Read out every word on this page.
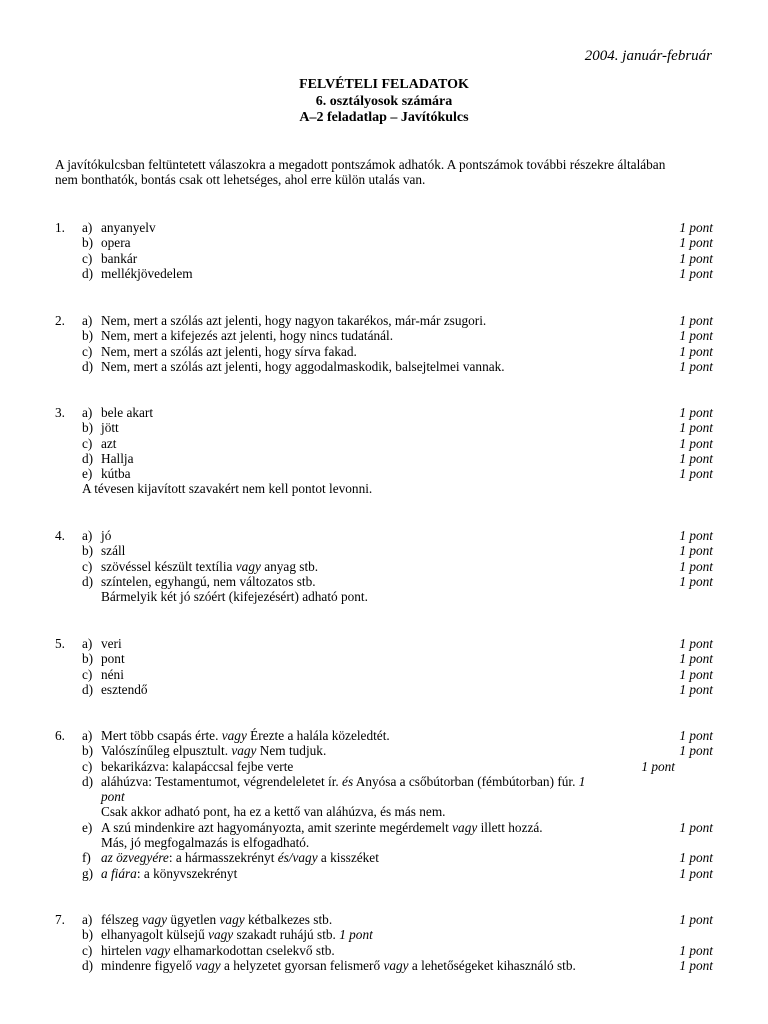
2004. január-február
FELVÉTELI FELADATOK
6. osztályosok számára
A–2 feladatlap – Javítókulcs
A javítókulcsban feltüntetett válaszokra a megadott pontszámok adhatók. A pontszámok további részekre általában
nem bonthatók, bontás csak ott lehetséges, ahol erre külön utalás van.
1. a) anyanyelv	1 pont
b) opera	1 pont
c) bankár	1 pont
d) mellékjövedelem	1 pont
2. a) Nem, mert a szólás azt jelenti, hogy nagyon takarékos, már-már zsugori.	1 pont
b) Nem, mert a kifejezés azt jelenti, hogy nincs tudatánál.	1 pont
c) Nem, mert a szólás azt jelenti, hogy sírva fakad.	1 pont
d) Nem, mert a szólás azt jelenti, hogy aggodalmaskodik, balsejtelmei vannak.	1 pont
3. a) bele akart	1 pont
b) jött	1 pont
c) azt	1 pont
d) Hallja	1 pont
e) kútba	1 pont
A tévesen kijavított szavakért nem kell pontot levonni.
4. a) jó	1 pont
b) száll	1 pont
c) szövéssel készült textília vagy anyag stb.	1 pont
d) színtelen, egyhangú, nem változatos stb.	1 pont
Bármelyik két jó szóért (kifejezésért) adható pont.
5. a) veri	1 pont
b) pont	1 pont
c) néni	1 pont
d) esztendő	1 pont
6. a) Mert több csapás érte. vagy Érezte a halála közeledtét.	1 pont
b) Valószínűleg elpusztult. vagy Nem tudjuk.	1 pont
c) bekarikázva: kalapáccsal fejbe verte	1 pont
d) aláhúzva: Testamentumot, végrendeleletet ír. és Anyósa a csőbútorban (fémbútorban) fúr. 1
pont
Csak akkor adható pont, ha ez a kettő van aláhúzva, és más nem.
e) A szú mindenkire azt hagyományozta, amit szerinte megérdemelt vagy illett hozzá.	1 pont
Más, jó megfogalmazás is elfogadható.
f) az özvegyére: a hármasszekrényt és/vagy a kisszéket	1 pont
g) a fiára: a könyvszekrényt	1 pont
7. a) félszeg vagy ügyetlen vagy kétbalkezes stb.	1 pont
b) elhanyagolt külsejű vagy szakadt ruhájú stb. 1 pont
c) hirtelen vagy elhamarkodottan cselekvő stb.	1 pont
d) mindenre figyelő vagy a helyzetet gyorsan felismerő vagy a lehetőségeket kihasználó stb.	1 pont
